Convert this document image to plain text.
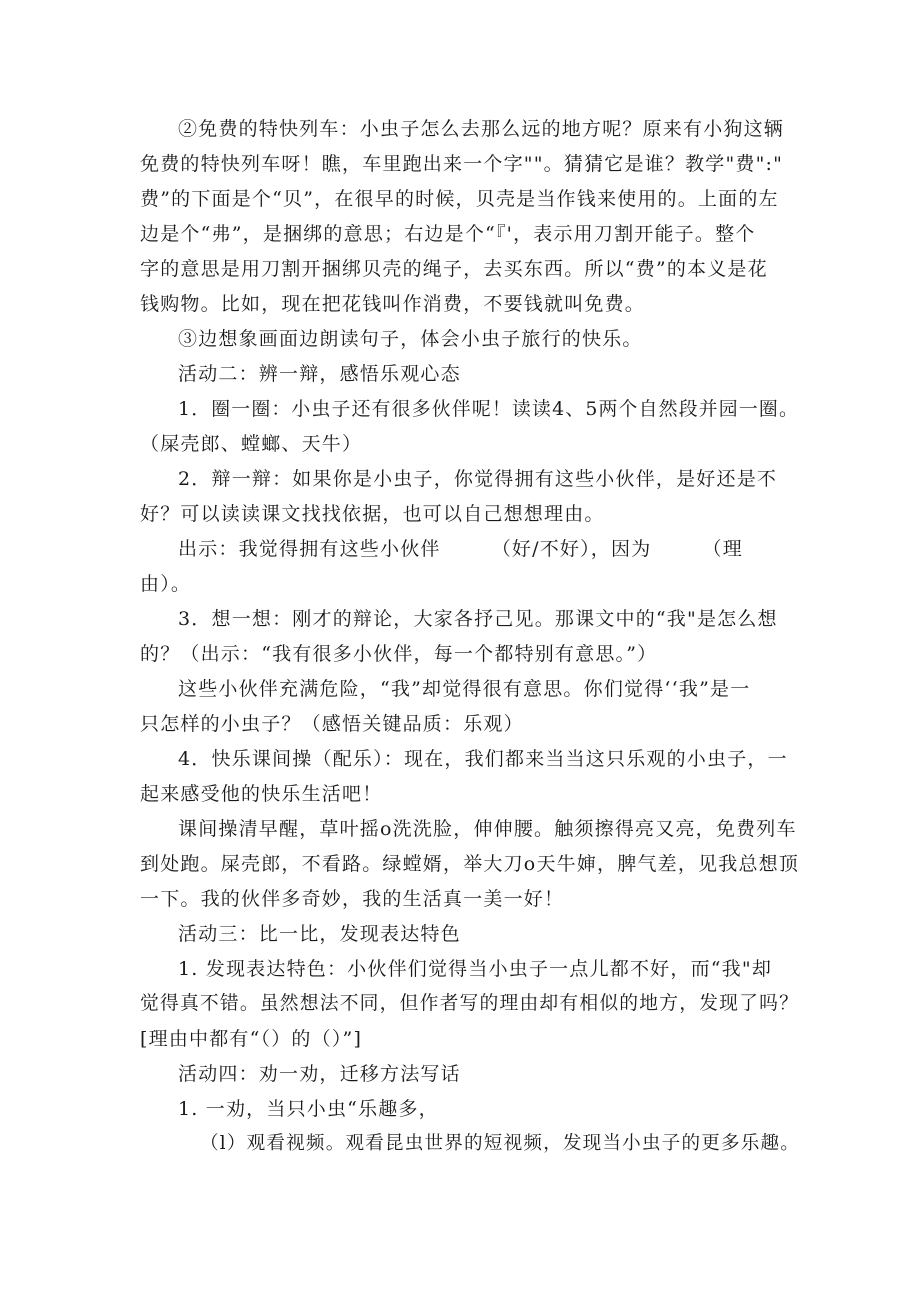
②免费的特快列车：小虫子怎么去那么远的地方呢？原来有小狗这辆
免费的特快列车呀！瞧，车里跑出来一个字""。猜猜它是谁？教学"费":"
费”的下面是个“贝”，在很早的时候，贝壳是当作钱来使用的。上面的左
边是个“弗”，是捆绑的意思；右边是个“『'，表示用刀割开能子。整个
字的意思是用刀割开捆绑贝壳的绳子，去买东西。所以“费”的本义是花
钱购物。比如，现在把花钱叫作消费，不要钱就叫免费。
③边想象画面边朗读句子，体会小虫子旅行的快乐。
活动二：辨一辩，感悟乐观心态
1．圈一圈：小虫子还有很多伙伴呢！读读4、5两个自然段并园一圈。
（屎壳郎、螳螂、天牛）
2．辩一辩：如果你是小虫子，你觉得拥有这些小伙伴，是好还是不
好？可以读读课文找找依据，也可以自己想想理由。
出示：我觉得拥有这些小伙伴　　　（好/不好），因为　　　（理
由）。
3．想一想：刚才的辩论，大家各抒己见。那课文中的“我"是怎么想
的？（出示：“我有很多小伙伴，每一个都特别有意思。”）
这些小伙伴充满危险，“我”却觉得很有意思。你们觉得‘‘我”是一
只怎样的小虫子？（感悟关键品质：乐观）
4．快乐课间操（配乐）：现在，我们都来当当这只乐观的小虫子，一
起来感受他的快乐生活吧！
课间操清早醒，草叶摇o洗洗脸，伸伸腰。触须擦得亮又亮，免费列车
到处跑。屎壳郎，不看路。绿螳婿，举大刀o天牛婶，脾气差，见我总想顶
一下。我的伙伴多奇妙，我的生活真一美一好！
活动三：比一比，发现表达特色
1. 发现表达特色：小伙伴们觉得当小虫子一点儿都不好，而“我"却
觉得真不错。虽然想法不同，但作者写的理由却有相似的地方，发现了吗？
[理由中都有“（）的（）”]
活动四：劝一劝，迁移方法写话
1. 一劝，当只小虫“乐趣多，
（l）观看视频。观看昆虫世界的短视频，发现当小虫子的更多乐趣。
